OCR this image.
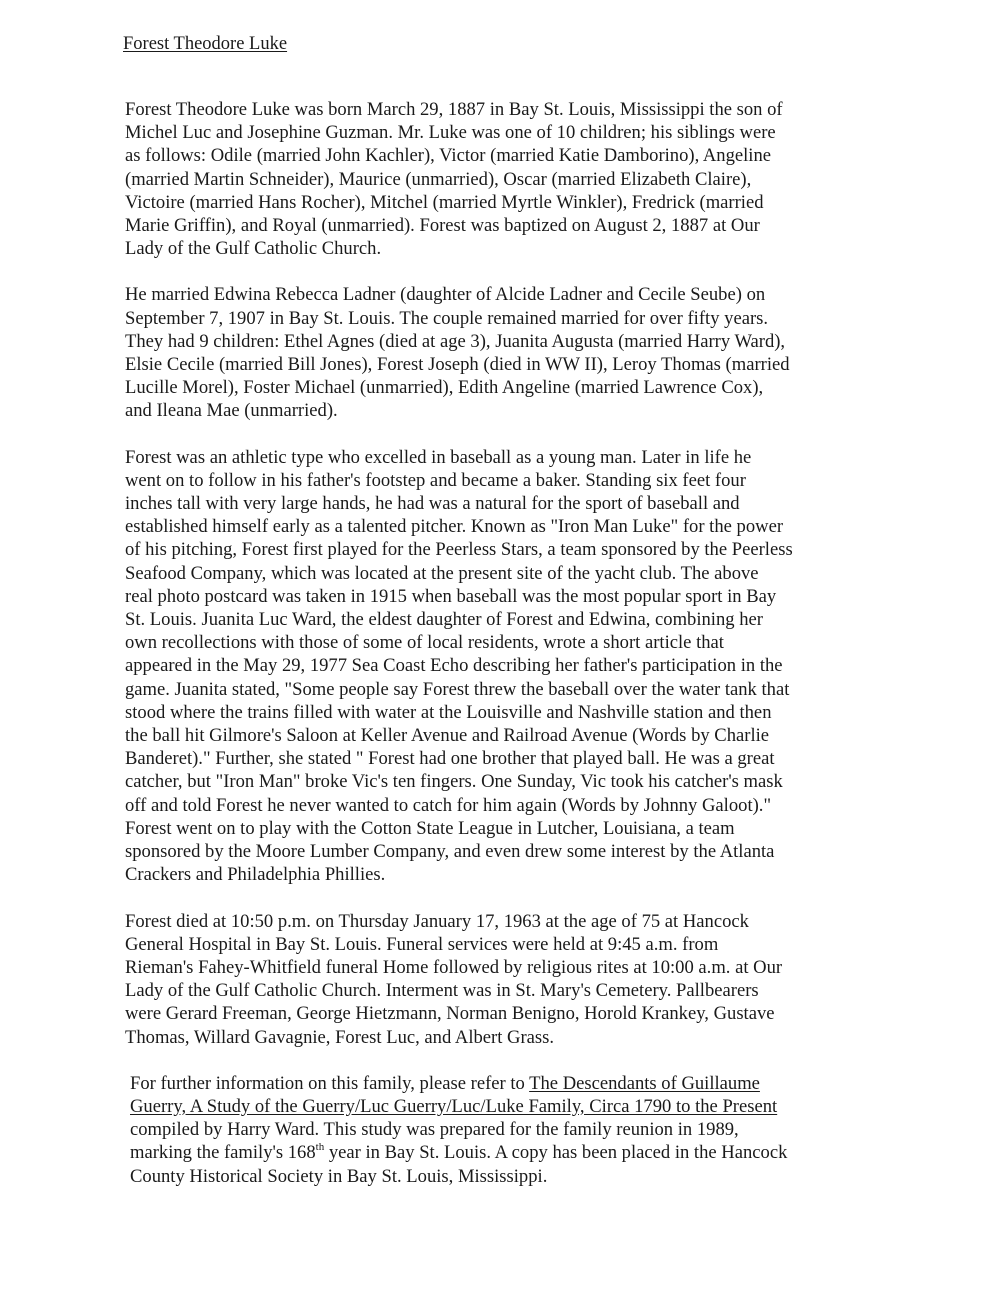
Forest Theodore Luke

Forest Theodore Luke was born March 29, 1887 in Bay St. Louis, Mississippi the son of
Michel Luc and Josephine Guzman. Mr. Luke was one of 10 children; his siblings were
as follows: Odile (married John Kachler), Victor (married Katie Damborino), Angeline
(married Martin Schneider), Maurice (unmarried), Oscar (married Elizabeth Claire),
Victoire (married Hans Rocher), Mitchel (married Myrtle Winkler), Fredrick (married
Marie Griffin), and Royal (unmarried). Forest was baptized on August 2, 1887 at Our
Lady of the Gulf Catholic Church.

He married Edwina Rebecca Ladner (daughter of Alcide Ladner and Cecile Seube) on
September 7, 1907 in Bay St. Louis. The couple remained married for over fifty years.
They had 9 children: Ethel Agnes (died at age 3), Juanita Augusta (married Harry Ward),
Elsie Cecile (married Bill Jones), Forest Joseph (died in WW II), Leroy Thomas (married
Lucille Morel), Foster Michael (unmarried), Edith Angeline (married Lawrence Cox),
and Ileana Mae (unmarried).

Forest was an athletic type who excelled in baseball as a young man. Later in life he
went on to follow in his father's footstep and became a baker. Standing six feet four
inches tall with very large hands, he had was a natural for the sport of baseball and
established himself early as a talented pitcher. Known as "Iron Man Luke" for the power
of his pitching, Forest first played for the Peerless Stars, a team sponsored by the Peerless
Seafood Company, which was located at the present site of the yacht club. The above
real photo postcard was taken in 1915 when baseball was the most popular sport in Bay
St. Louis. Juanita Luc Ward, the eldest daughter of Forest and Edwina, combining her
own recollections with those of some of local residents, wrote a short article that
appeared in the May 29, 1977 Sea Coast Echo describing her father's participation in the
game. Juanita stated, "Some people say Forest threw the baseball over the water tank that
stood where the trains filled with water at the Louisville and Nashville station and then
the ball hit Gilmore's Saloon at Keller Avenue and Railroad Avenue (Words by Charlie
Banderet)." Further, she stated " Forest had one brother that played ball. He was a great
catcher, but "Iron Man" broke Vic's ten fingers. One Sunday, Vic took his catcher's mask
off and told Forest he never wanted to catch for him again (Words by Johnny Galoot)."
Forest went on to play with the Cotton State League in Lutcher, Louisiana, a team
sponsored by the Moore Lumber Company, and even drew some interest by the Atlanta
Crackers and Philadelphia Phillies.

Forest died at 10:50 p.m. on Thursday January 17, 1963 at the age of 75 at Hancock
General Hospital in Bay St. Louis. Funeral services were held at 9:45 a.m. from
Rieman's Fahey-Whitfield funeral Home followed by religious rites at 10:00 a.m. at Our
Lady of the Gulf Catholic Church. Interment was in St. Mary's Cemetery. Pallbearers
were Gerard Freeman, George Hietzmann, Norman Benigno, Horold Krankey, Gustave
Thomas, Willard Gavagnie, Forest Luc, and Albert Grass.

For further information on this family, please refer to The Descendants of Guillaume
Guerry, A Study of the Guerry/Luc Guerry/Luc/Luke Family, Circa 1790 to the Present
compiled by Harry Ward. This study was prepared for the family reunion in 1989,
marking the family's 168th year in Bay St. Louis. A copy has been placed in the Hancock
County Historical Society in Bay St. Louis, Mississippi.
